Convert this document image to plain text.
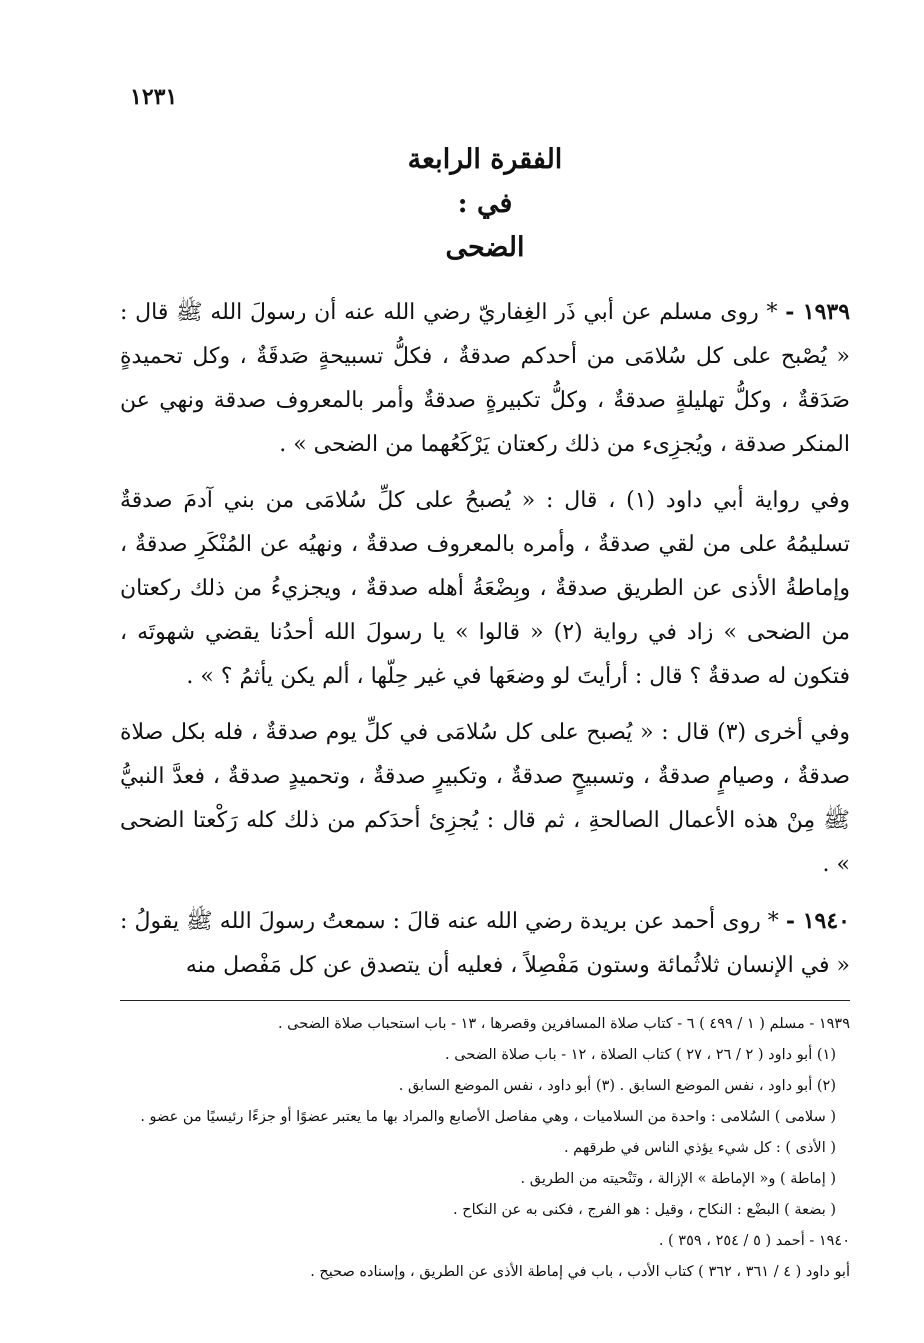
١٢٣١
الفقرة الرابعة
في :
الضحى

١٩٣٩ - * روى مسلم عن أبي ذَر الغِفاريّ رضي الله عنه أن رسولَ الله ﷺ قال : « يُصْبح على كل سُلامَى من أحدكم صدقةٌ ، فكلُّ تسبيحةٍ صَدقَةٌ ، وكل تحميدةٍ صَدَقةٌ ، وكلُّ تهليلةٍ صدقةٌ ، وكلُّ تكبيرةٍ صدقةٌ وأمر بالمعروف صدقة ونهي عن المنكر صدقة ، ويُجزِىء من ذلك ركعتان يَرْكَعُهما من الضحى » .

وفي رواية أبي داود (١) ، قال : « يُصبحُ على كلِّ سُلامَى من بني آدمَ صدقةٌ تسليمُهُ على من لقي صدقةٌ ، وأمره بالمعروف صدقةٌ ، ونهيُه عن المُنْكَرِ صدقةٌ ، وإماطةُ الأذى عن الطريق صدقةٌ ، وبِضْعَةُ أهله صدقةٌ ، ويجزيءُ من ذلك ركعتان من الضحى » زاد في رواية (٢) « قالوا » يا رسولَ الله أحدُنا يقضي شهوتَه ، فتكون له صدقةٌ ؟ قال : أرأيتَ لو وضعَها في غير حِلّها ، ألم يكن يأثمُ ؟ » .

وفي أخرى (٣) قال : « يُصبح على كل سُلامَى في كلِّ يوم صدقةٌ ، فله بكل صلاة صدقةٌ ، وصيامٍ صدقةٌ ، وتسبيحٍ صدقةٌ ، وتكبيرٍ صدقةٌ ، وتحميدٍ صدقةٌ ، فعدَّ النبيُّ ﷺ مِنْ هذه الأعمال الصالحةِ ، ثم قال : يُجزِئ أحدَكم من ذلك كله رَكْعتا الضحى » .

١٩٤٠ - * روى أحمد عن بريدة رضي الله عنه قالَ : سمعتُ رسولَ الله ﷺ يقولُ : « في الإنسان ثلاثُمائة وستون مَفْصِلاً ، فعليه أن يتصدق عن كل مَفْصل منه

١٩٣٩ - مسلم ( ١ / ٤٩٩ ) ٦ - كتاب صلاة المسافرين وقصرها ، ١٣ - باب استحباب صلاة الضحى .

(١) أبو داود ( ٢ / ٢٦ ، ٢٧ ) كتاب الصلاة ، ١٢ - باب صلاة الضحى .

(٢) أبو داود ، نفس الموضع السابق . (٣) أبو داود ، نفس الموضع السابق .

( سلامى ) السُلامى : واحدة من السلاميات ، وهي مفاصل الأصابع والمراد بها ما يعتبر عضوًا أو جزءًا رئيسيًا من عضو .

( الأذى ) : كل شيء يؤذي الناس في طرقهم .

( إماطة ) و« الإماطة » الإزالة ، وتَنْحيته من الطريق .

( بضعة ) البضْع : النكاح ، وقيل : هو الفرج ، فكنى به عن النكاح .

١٩٤٠ - أحمد ( ٥ / ٢٥٤ ، ٣٥٩ ) .

أبو داود ( ٤ / ٣٦١ ، ٣٦٢ ) كتاب الأدب ، باب في إماطة الأذى عن الطريق ، وإسناده صحيح .
